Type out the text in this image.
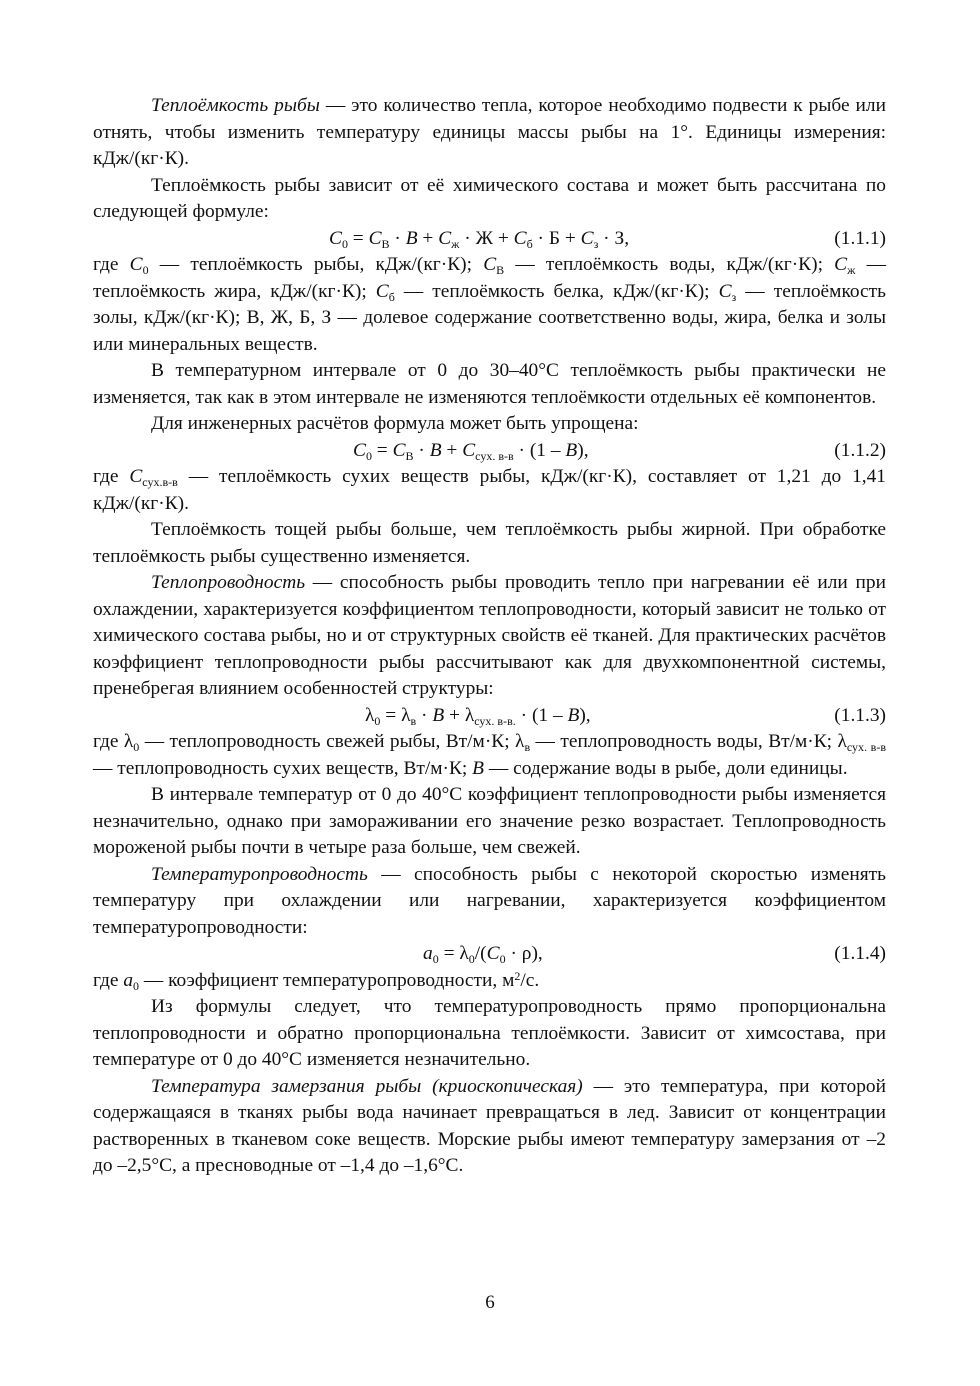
Теплоёмкость рыбы — это количество тепла, которое необходимо подвести к рыбе или отнять, чтобы изменить температуру единицы массы рыбы на 1°. Единицы измерения: кДж/(кг·К).

Теплоёмкость рыбы зависит от её химического состава и может быть рассчитана по следующей формуле:

$C_0 = C_В \cdot B + C_ж \cdot Ж + C_б \cdot Б + C_з \cdot З$,	(1.1.1)

где $C_0$ — теплоёмкость рыбы, кДж/(кг·К); $C_В$ — теплоёмкость воды, кДж/(кг·К); $C_ж$ — теплоёмкость жира, кДж/(кг·К); $C_б$ — теплоёмкость белка, кДж/(кг·К); $C_з$ — теплоёмкость золы, кДж/(кг·К); В, Ж, Б, З — долевое содержание соответственно воды, жира, белка и золы или минеральных веществ.

В температурном интервале от 0 до 30–40°С теплоёмкость рыбы практически не изменяется, так как в этом интервале не изменяются теплоёмкости отдельных её компонентов.

Для инженерных расчётов формула может быть упрощена:

$C_0 = C_В \cdot B + C_{сух. в-в} \cdot (1 - B)$,	(1.1.2)

где $C_{сух.в-в}$ — теплоёмкость сухих веществ рыбы, кДж/(кг·К), составляет от 1,21 до 1,41 кДж/(кг·К).

Теплоёмкость тощей рыбы больше, чем теплоёмкость рыбы жирной. При обработке теплоёмкость рыбы существенно изменяется.

Теплопроводность — способность рыбы проводить тепло при нагревании её или при охлаждении, характеризуется коэффициентом теплопроводности, который зависит не только от химического состава рыбы, но и от структурных свойств её тканей. Для практических расчётов коэффициент теплопроводности рыбы рассчитывают как для двухкомпонентной системы, пренебрегая влиянием особенностей структуры:

$\lambda_0 = \lambda_в \cdot B + \lambda_{сух. в-в.} \cdot (1 - B)$,	(1.1.3)

где $\lambda_0$ — теплопроводность свежей рыбы, Вт/м·К; $\lambda_в$ — теплопроводность воды, Вт/м·К; $\lambda_{сух. в-в}$ — теплопроводность сухих веществ, Вт/м·К; B — содержание воды в рыбе, доли единицы.

В интервале температур от 0 до 40°С коэффициент теплопроводности рыбы изменяется незначительно, однако при замораживании его значение резко возрастает. Теплопроводность мороженой рыбы почти в четыре раза больше, чем свежей.

Температуропроводность — способность рыбы с некоторой скоростью изменять температуру при охлаждении или нагревании, характеризуется коэффициентом температуропроводности:

$a_0 = \lambda_0/(C_0 \cdot \rho)$,	(1.1.4)

где $a_0$ — коэффициент температуропроводности, $м^2/с$.

Из формулы следует, что температуропроводность прямо пропорциональна теплопроводности и обратно пропорциональна теплоёмкости. Зависит от химсостава, при температуре от 0 до 40°С изменяется незначительно.

Температура замерзания рыбы (криоскопическая) — это температура, при которой содержащаяся в тканях рыбы вода начинает превращаться в лед. Зависит от концентрации растворенных в тканевом соке веществ. Морские рыбы имеют температуру замерзания от –2 до –2,5°С, а пресноводные от –1,4 до –1,6°С.

6
